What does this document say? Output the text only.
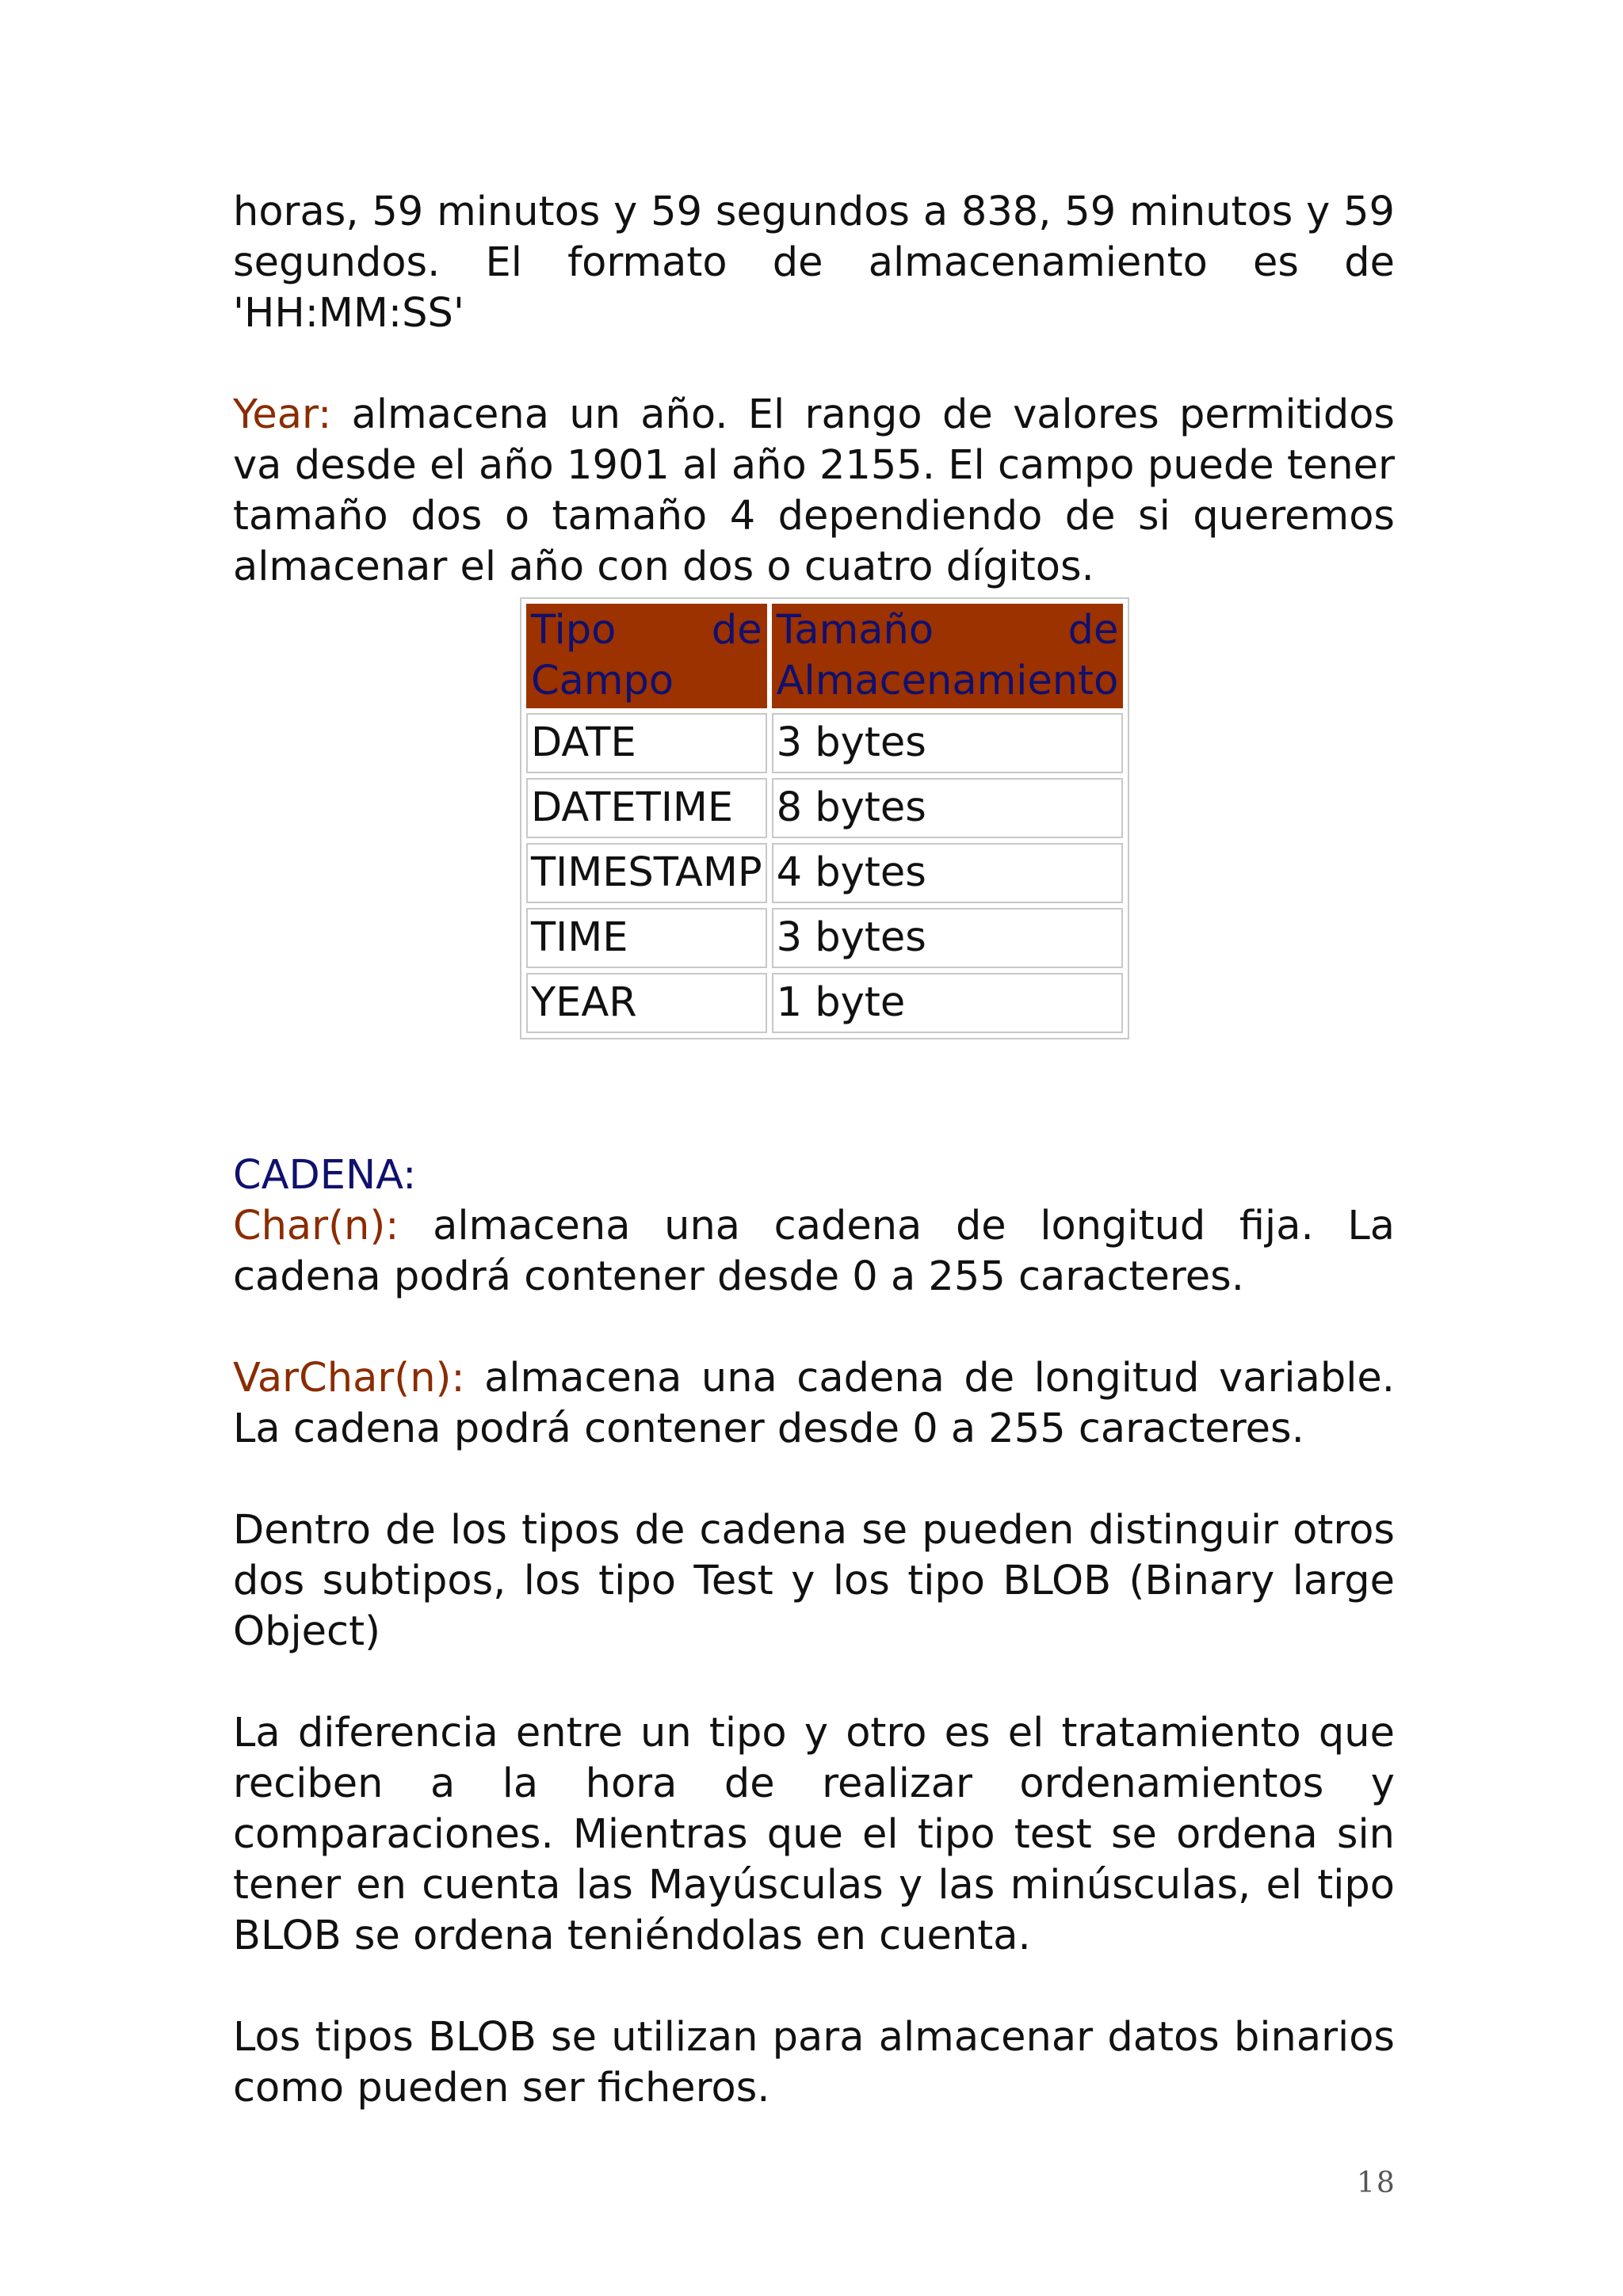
horas, 59 minutos y 59 segundos a 838, 59 minutos y 59 segundos. El formato de almacenamiento es de 'HH:MM:SS'

Year: almacena un año. El rango de valores permitidos va desde el año 1901 al año 2155. El campo puede tener tamaño dos o tamaño 4 dependiendo de si queremos almacenar el año con dos o cuatro dígitos.

Tipo de Campo	Tamaño de Almacenamiento
DATE	3 bytes
DATETIME	8 bytes
TIMESTAMP	4 bytes
TIME	3 bytes
YEAR	1 byte
CADENA:

Char(n): almacena una cadena de longitud fija. La cadena podrá contener desde 0 a 255 caracteres.

VarChar(n): almacena una cadena de longitud variable. La cadena podrá contener desde 0 a 255 caracteres.

Dentro de los tipos de cadena se pueden distinguir otros dos subtipos, los tipo Test y los tipo BLOB (Binary large Object)

La diferencia entre un tipo y otro es el tratamiento que reciben a la hora de realizar ordenamientos y comparaciones. Mientras que el tipo test se ordena sin tener en cuenta las Mayúsculas y las minúsculas, el tipo BLOB se ordena teniéndolas en cuenta.

Los tipos BLOB se utilizan para almacenar datos binarios como pueden ser ficheros.

18
